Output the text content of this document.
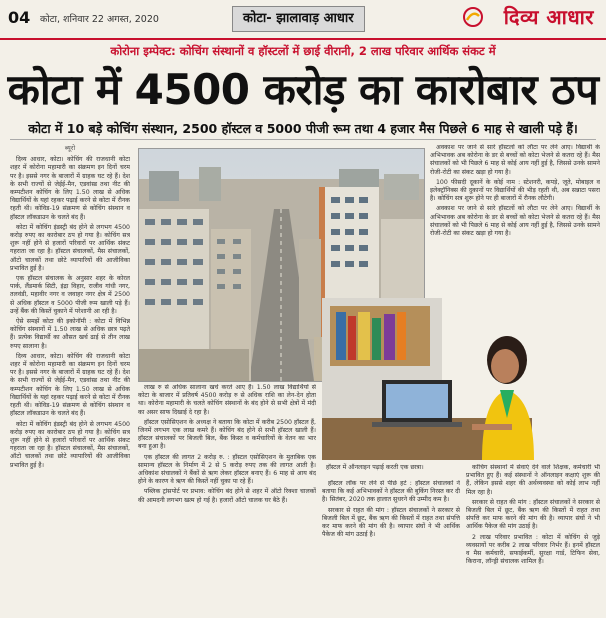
04 कोटा, शनिवार 22 अगस्त, 2020	कोटा- झालावाड़ आधार	दिव्य आधार
कोरोना इम्पेक्ट: कोचिंग संस्थानों व हॉस्टलों में छाई वीरानी, 2 लाख परिवार आर्थिक संकट में
कोटा में 4500 करोड़ का कारोबार ठप
कोटा में 10 बड़े कोचिंग संस्थान, 2500 हॉस्टल व 5000 पीजी रूम तथा 4 हजार मैस पिछले 6 माह से खाली पड़े हैं।
ब्यूरो

दिव्य आधार, कोटा। कोचिंग की राजधानी कोटा शहर में कोरोना महामारी का संक्रमण इन दिनों चरम पर है। इससे नगर के बाजारों में ग्राहक घट रहे हैं। देश के सभी राज्यों से जेईई-मैन, एडवांस्ड तथा नीट की कम्पटीशन कोचिंग के लिए 1.50 लाख से अधिक विद्यार्थियों के यहां रहकर पढ़ाई करने से कोटा में रौनक रहती थी। कोविड-19 संक्रमण से कोचिंग संस्थान व हॉस्टल लॉकडाउन के चलते बंद हैं।

कोटा में कोचिंग इंडस्ट्री बंद होने से लगभग 4500 करोड़ रुपए का कारोबार ठप हो गया है। कोचिंग सत्र शुरू नहीं होने से हजारों परिवारों पर आर्थिक संकट गहराता जा रहा है। हॉस्टल संचालकों, मैस संचालकों, ऑटो चालकों तथा छोटे व्यापारियों की आजीविका प्रभावित हुई है।

एक हॉस्टल संचालक के अनुसार शहर के कोरल पार्क, लैंडमार्क सिटी, इंद्रा विहार, राजीव गांधी नगर, तलवंडी, महावीर नगर व जवाहर नगर क्षेत्र में 2500 से अधिक हॉस्टल व 5000 पीजी रूम खाली पड़े हैं। उन्हें बैंक की किस्तें चुकाने में परेशानी आ रही है।

ऐसे समझें कोटा की इकोनॉमी : कोटा में विभिन्न कोचिंग संस्थानों में 1.50 लाख से अधिक छात्र पढ़ते हैं। प्रत्येक विद्यार्थी का औसत खर्च ढाई से तीन लाख रुपए सालाना है।

दिव्य आधार, कोटा। कोचिंग की राजधानी कोटा शहर में कोरोना महामारी का संक्रमण इन दिनों चरम पर है। इससे नगर के बाजारों में ग्राहक घट रहे हैं। देश के सभी राज्यों से जेईई-मैन, एडवांस्ड तथा नीट की कम्पटीशन कोचिंग के लिए 1.50 लाख से अधिक विद्यार्थियों के यहां रहकर पढ़ाई करने से कोटा में रौनक रहती थी। कोविड-19 संक्रमण से कोचिंग संस्थान व हॉस्टल लॉकडाउन के चलते बंद हैं।

कोटा में कोचिंग इंडस्ट्री बंद होने से लगभग 4500 करोड़ रुपए का कारोबार ठप हो गया है। कोचिंग सत्र शुरू नहीं होने से हजारों परिवारों पर आर्थिक संकट गहराता जा रहा है। हॉस्टल संचालकों, मैस संचालकों, ऑटो चालकों तथा छोटे व्यापारियों की आजीविका प्रभावित हुई है।

लाख रु से अधिक सालाना खर्च करते आए हैं। 1.50 लाख विद्यार्थियों से कोटा के बाजार में प्रतिवर्ष 4500 करोड़ रु से अधिक राशि का लेन-देन होता था। कोरोना महामारी के चलते कोचिंग संस्थानों के बंद होने से सभी क्षेत्रों में मंदी का असर साफ दिखाई दे रहा है।

हॉस्टल एसोसिएशन के अध्यक्ष ने बताया कि कोटा में करीब 2500 हॉस्टल हैं, जिनमें लगभग एक लाख कमरे हैं। कोचिंग बंद होने से सभी हॉस्टल खाली हैं। हॉस्टल संचालकों पर बिजली बिल, बैंक किस्त व कर्मचारियों के वेतन का भार बना हुआ है।

एक हॉस्टल की लागत 2 करोड़ रु. : हॉस्टल एसोसिएशन के मुताबिक एक सामान्य हॉस्टल के निर्माण में 2 से 5 करोड़ रुपए तक की लागत आती है। अधिकांश संचालकों ने बैंकों से ऋण लेकर हॉस्टल बनाए हैं। 6 माह से आय बंद होने के कारण वे ऋण की किस्तें नहीं चुका पा रहे हैं।

पब्लिक ट्रांसपोर्ट पर प्रभाव: कोचिंग बंद होने से शहर में ऑटो रिक्शा चालकों की आमदनी लगभग खत्म हो गई है। हजारों ऑटो चालक घर बैठे हैं।

अवकाश पर जाने से सारे हॉस्टलों को लौटा पर लेने आए। विद्यार्थी के अभिभावक अब कोरोना के डर से बच्चों को कोटा भेजने से कतरा रहे हैं। मैस संचालकों को भी पिछले 6 माह से कोई आय नहीं हुई है, जिससे उनके सामने रोजी-रोटी का संकट खड़ा हो गया है।

100 फीसदी दूकानें के कोई नाम : स्टेशनरी, कपड़े, जूते, मोबाइल व इलेक्ट्रॉनिक्स की दुकानों पर विद्यार्थियों की भीड़ रहती थी, अब सन्नाटा पसरा है। कोचिंग सत्र शुरू होने पर ही बाजारों में रौनक लौटेगी।

अवकाश पर जाने से सारे हॉस्टलों को लौटा पर लेने आए। विद्यार्थी के अभिभावक अब कोरोना के डर से बच्चों को कोटा भेजने से कतरा रहे हैं। मैस संचालकों को भी पिछले 6 माह से कोई आय नहीं हुई है, जिससे उनके सामने रोजी-रोटी का संकट खड़ा हो गया है।

हॉस्टल में ऑनलाइन पढ़ाई करती एक छात्रा।	कोचिंग संस्थानों में सेवाएं देने वाले शिक्षक, कर्मचारी भी प्रभावित हुए हैं। कई संस्थानों ने ऑनलाइन कक्षाएं शुरू की हैं, लेकिन इससे शहर की अर्थव्यवस्था को कोई लाभ नहीं मिल रहा है।

सरकार से राहत की मांग : हॉस्टल संचालकों ने सरकार से बिजली बिल में छूट, बैंक ऋण की किस्तों में राहत तथा संपत्ति कर माफ करने की मांग की है। व्यापार संघों ने भी आर्थिक पैकेज की मांग उठाई है।

2 लाख परिवार प्रभावित : कोटा में कोचिंग से जुड़े व्यवसायों पर करीब 2 लाख परिवार निर्भर हैं। इनमें हॉस्टल व मैस कर्मचारी, सफाईकर्मी, सुरक्षा गार्ड, टिफिन सेवा, किराना, लॉन्ड्री संचालक शामिल हैं।

हॉस्टल लॉक पर लेने से पीछे हटे : हॉस्टल संचालकों ने बताया कि कई अभिभावकों ने हॉस्टल की बुकिंग निरस्त कर दी है। सितंबर, 2020 तक हालात सुधरने की उम्मीद कम है।

सरकार से राहत की मांग : हॉस्टल संचालकों ने सरकार से बिजली बिल में छूट, बैंक ऋण की किस्तों में राहत तथा संपत्ति कर माफ करने की मांग की है। व्यापार संघों ने भी आर्थिक पैकेज की मांग उठाई है।
